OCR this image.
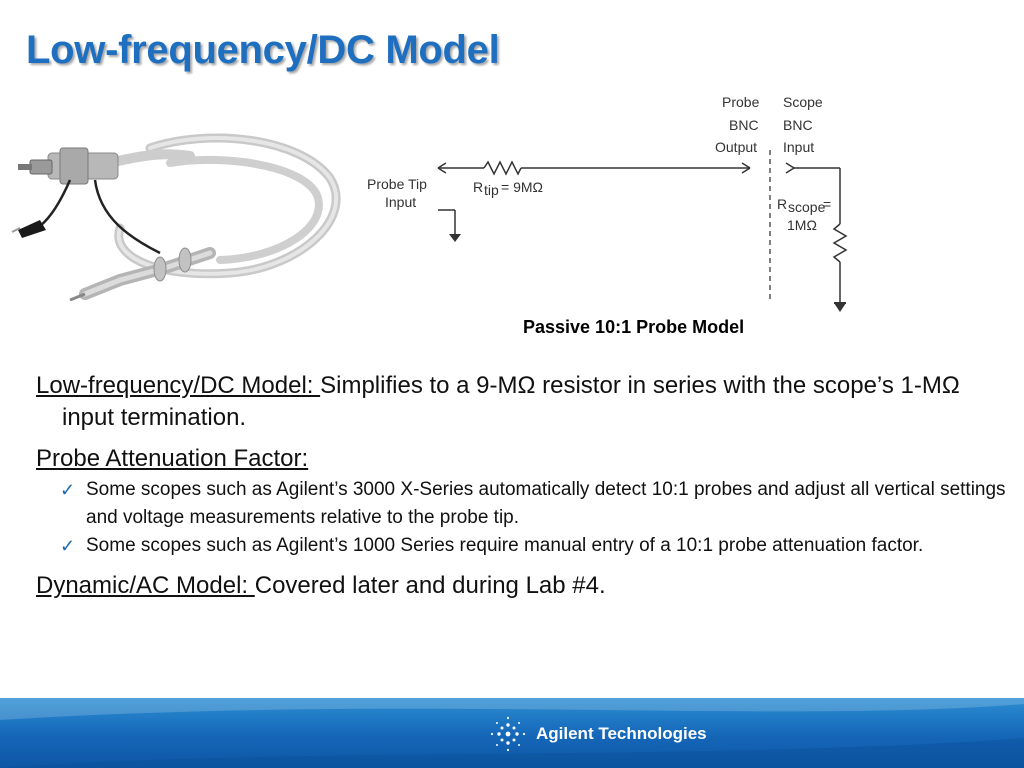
Low-frequency/DC Model
Probe Tip
Input
R tip = 9MΩ
Probe
BNC
Output
Scope
BNC
Input
R scope
=
1MΩ
Passive 10:1 Probe Model

Low-frequency/DC Model: Simplifies to a 9-MΩ resistor in series with the scope’s 1-MΩ input termination.

Probe Attenuation Factor:
✓ Some scopes such as Agilent’s 3000 X-Series automatically detect 10:1 probes and adjust all vertical settings and voltage measurements relative to the probe tip.
✓ Some scopes such as Agilent’s 1000 Series require manual entry of a 10:1 probe attenuation factor.

Dynamic/AC Model: Covered later and during Lab #4.

Agilent Technologies
